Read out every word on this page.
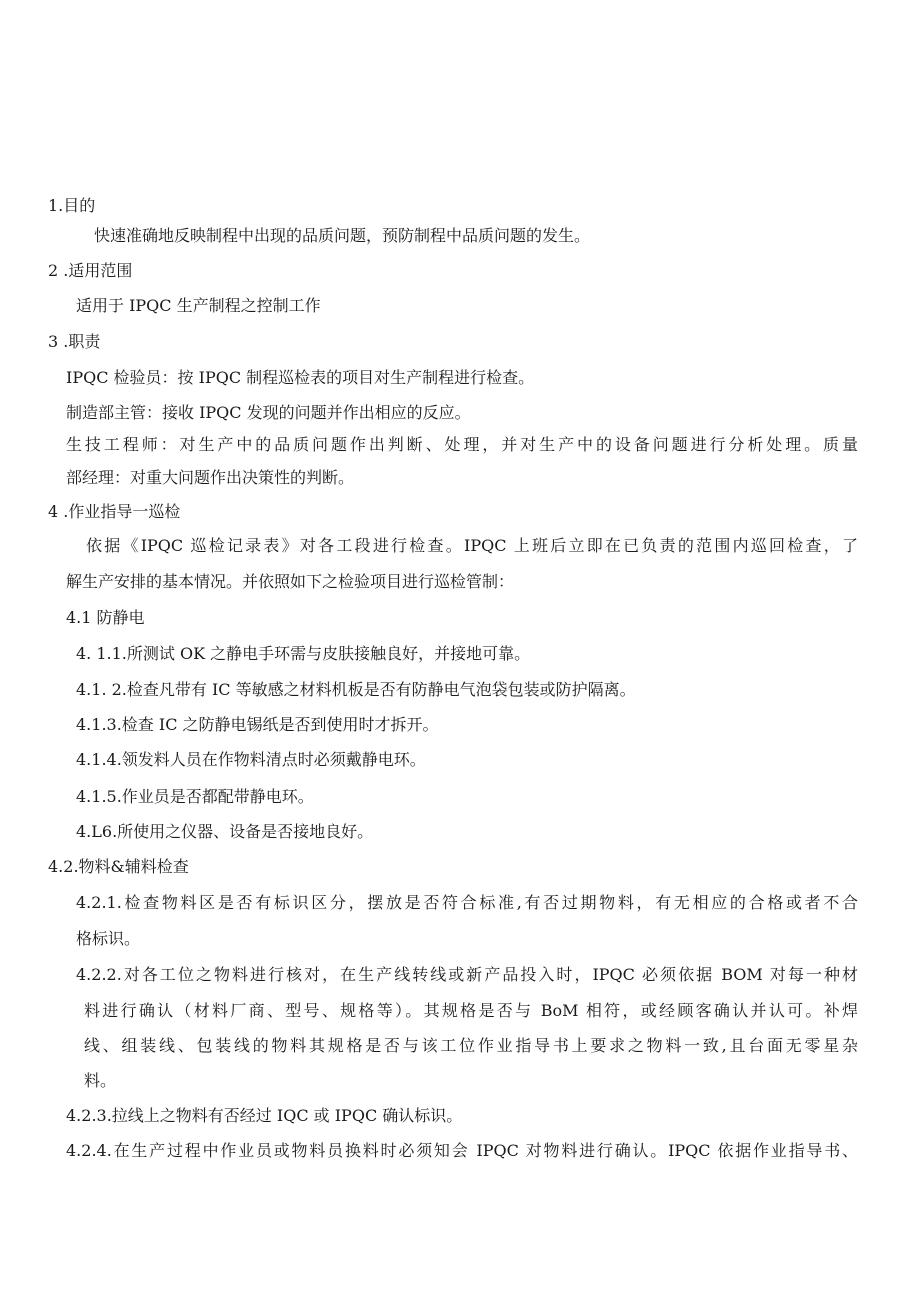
1.目的
快速准确地反映制程中出现的品质问题，预防制程中品质问题的发生。
2 .适用范围
适用于 IPQC 生产制程之控制工作
3 .职责
IPQC 检验员：按 IPQC 制程巡检表的项目对生产制程进行检查。
制造部主管：接收 IPQC 发现的问题并作出相应的反应。
生技工程师：对生产中的品质问题作出判断、处理，并对生产中的设备问题进行分析处理。质量
部经理：对重大问题作出决策性的判断。
4 .作业指导一巡检
依据《IPQC 巡检记录表》对各工段进行检查。IPQC 上班后立即在已负责的范围内巡回检查，了
解生产安排的基本情况。并依照如下之检验项目进行巡检管制：
4.1 防静电
4. 1.1.所测试 OK 之静电手环需与皮肤接触良好，并接地可靠。
4.1. 2.检查凡带有 IC 等敏感之材料机板是否有防静电气泡袋包装或防护隔离。
4.1.3.检查 IC 之防静电锡纸是否到使用时才拆开。
4.1.4.领发料人员在作物料清点时必须戴静电环。
4.1.5.作业员是否都配带静电环。
4.L6.所使用之仪器、设备是否接地良好。
4.2.物料&辅料检查
4.2.1.检查物料区是否有标识区分，摆放是否符合标准,有否过期物料，有无相应的合格或者不合
格标识。
4.2.2.对各工位之物料进行核对，在生产线转线或新产品投入时，IPQC 必须依据 BOM 对每一种材
料进行确认（材料厂商、型号、规格等）。其规格是否与 BoM 相符，或经顾客确认并认可。补焊
线、组装线、包装线的物料其规格是否与该工位作业指导书上要求之物料一致,且台面无零星杂
料。
4.2.3.拉线上之物料有否经过 IQC 或 IPQC 确认标识。
4.2.4.在生产过程中作业员或物料员换料时必须知会 IPQC 对物料进行确认。IPQC 依据作业指导书、
